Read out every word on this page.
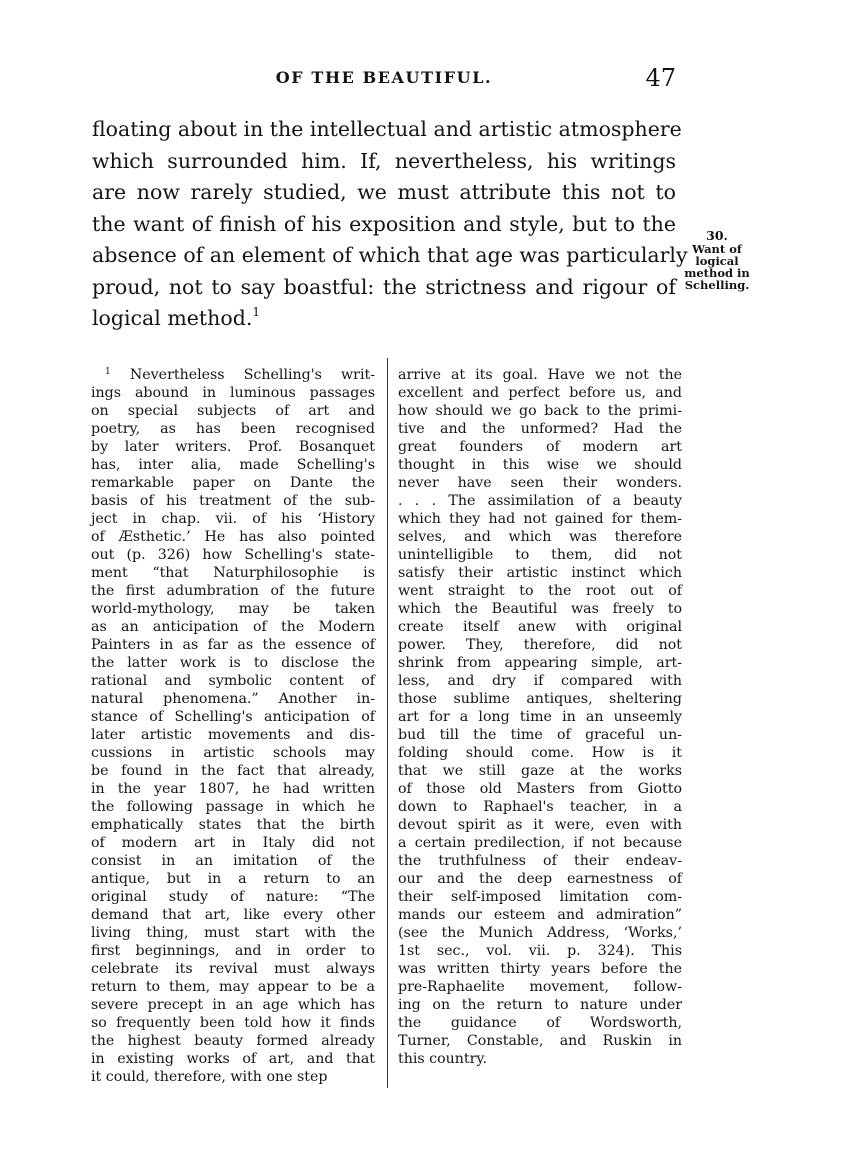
OF THE BEAUTIFUL.	47
floating about in the intellectual and artistic atmosphere
which surrounded him. If, nevertheless, his writings
are now rarely studied, we must attribute this not to
the want of finish of his exposition and style, but to the
absence of an element of which that age was particularly
proud, not to say boastful: the strictness and rigour of
logical method.$^1$
30.
Want of
logical
method in
Schelling.
$^1$ Nevertheless Schelling's writ-
ings abound in luminous passages
on special subjects of art and
poetry, as has been recognised
by later writers. Prof. Bosanquet
has, inter alia, made Schelling's
remarkable paper on Dante the
basis of his treatment of the sub-
ject in chap. vii. of his ‘History
of Æsthetic.’ He has also pointed
out (p. 326) how Schelling's state-
ment “that Naturphilosophie is
the first adumbration of the future
world-mythology, may be taken
as an anticipation of the Modern
Painters in as far as the essence of
the latter work is to disclose the
rational and symbolic content of
natural phenomena.” Another in-
stance of Schelling's anticipation of
later artistic movements and dis-
cussions in artistic schools may
be found in the fact that already,
in the year 1807, he had written
the following passage in which he
emphatically states that the birth
of modern art in Italy did not
consist in an imitation of the
antique, but in a return to an
original study of nature: “The
demand that art, like every other
living thing, must start with the
first beginnings, and in order to
celebrate its revival must always
return to them, may appear to be a
severe precept in an age which has
so frequently been told how it finds
the highest beauty formed already
in existing works of art, and that
it could, therefore, with one step
arrive at its goal. Have we not the
excellent and perfect before us, and
how should we go back to the primi-
tive and the unformed? Had the
great founders of modern art
thought in this wise we should
never have seen their wonders.
. . . The assimilation of a beauty
which they had not gained for them-
selves, and which was therefore
unintelligible to them, did not
satisfy their artistic instinct which
went straight to the root out of
which the Beautiful was freely to
create itself anew with original
power. They, therefore, did not
shrink from appearing simple, art-
less, and dry if compared with
those sublime antiques, sheltering
art for a long time in an unseemly
bud till the time of graceful un-
folding should come. How is it
that we still gaze at the works
of those old Masters from Giotto
down to Raphael's teacher, in a
devout spirit as it were, even with
a certain predilection, if not because
the truthfulness of their endeav-
our and the deep earnestness of
their self-imposed limitation com-
mands our esteem and admiration”
(see the Munich Address, ‘Works,’
1st sec., vol. vii. p. 324). This
was written thirty years before the
pre-Raphaelite movement, follow-
ing on the return to nature under
the guidance of Wordsworth,
Turner, Constable, and Ruskin in
this country.
